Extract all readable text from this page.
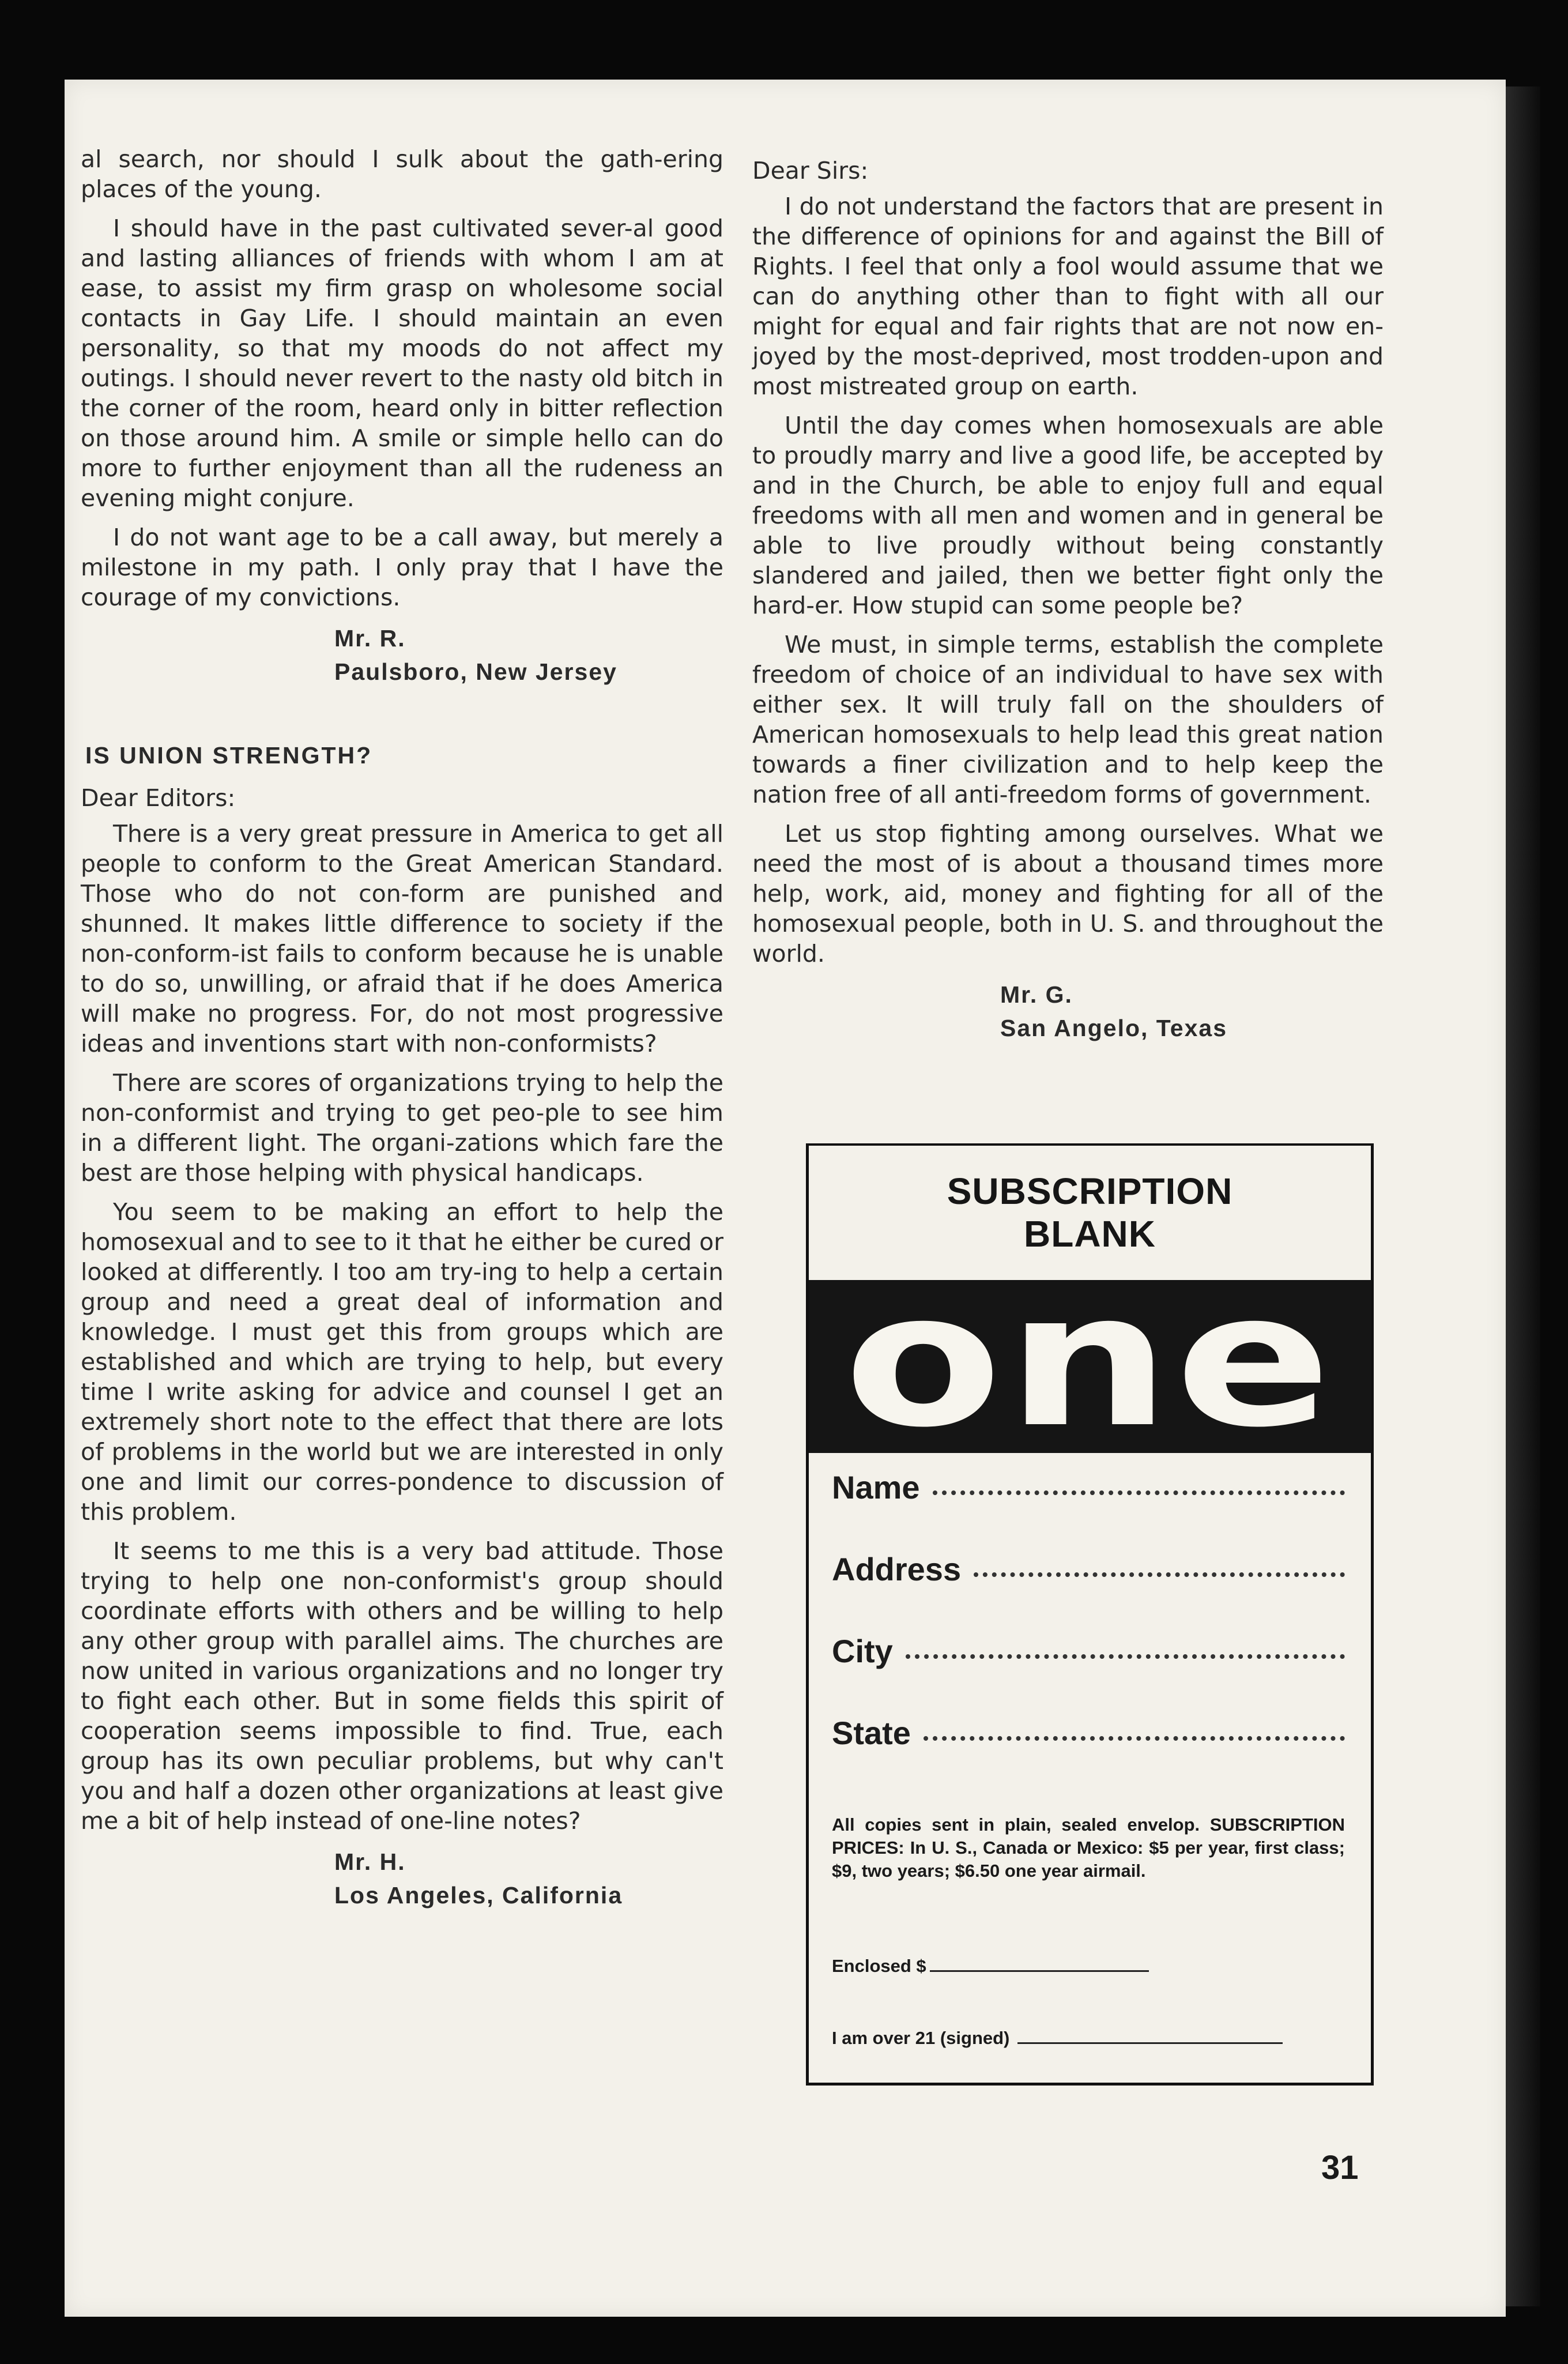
al search, nor should I sulk about the gath-ering places of the young.

I should have in the past cultivated sever-al good and lasting alliances of friends with whom I am at ease, to assist my firm grasp on wholesome social contacts in Gay Life. I should maintain an even personality, so that my moods do not affect my outings. I should never revert to the nasty old bitch in the corner of the room, heard only in bitter reflection on those around him. A smile or simple hello can do more to further enjoyment than all the rudeness an evening might conjure.

I do not want age to be a call away, but merely a milestone in my path. I only pray that I have the courage of my convictions.

Mr. R.
Paulsboro, New Jersey
IS UNION STRENGTH?
Dear Editors:

There is a very great pressure in America to get all people to conform to the Great American Standard. Those who do not con-form are punished and shunned. It makes little difference to society if the non-conform-ist fails to conform because he is unable to do so, unwilling, or afraid that if he does America will make no progress. For, do not most progressive ideas and inventions start with non-conformists?

There are scores of organizations trying to help the non-conformist and trying to get peo-ple to see him in a different light. The organi-zations which fare the best are those helping with physical handicaps.

You seem to be making an effort to help the homosexual and to see to it that he either be cured or looked at differently. I too am try-ing to help a certain group and need a great deal of information and knowledge. I must get this from groups which are established and which are trying to help, but every time I write asking for advice and counsel I get an extremely short note to the effect that there are lots of problems in the world but we are interested in only one and limit our corres-pondence to discussion of this problem.

It seems to me this is a very bad attitude. Those trying to help one non-conformist's group should coordinate efforts with others and be willing to help any other group with parallel aims. The churches are now united in various organizations and no longer try to fight each other. But in some fields this spirit of cooperation seems impossible to find. True, each group has its own peculiar problems, but why can't you and half a dozen other organizations at least give me a bit of help instead of one-line notes?

Mr. H.
Los Angeles, California
Dear Sirs:

I do not understand the factors that are present in the difference of opinions for and against the Bill of Rights. I feel that only a fool would assume that we can do anything other than to fight with all our might for equal and fair rights that are not now en-joyed by the most-deprived, most trodden-upon and most mistreated group on earth.

Until the day comes when homosexuals are able to proudly marry and live a good life, be accepted by and in the Church, be able to enjoy full and equal freedoms with all men and women and in general be able to live proudly without being constantly slandered and jailed, then we better fight only the hard-er. How stupid can some people be?

We must, in simple terms, establish the complete freedom of choice of an individual to have sex with either sex. It will truly fall on the shoulders of American homosexuals to help lead this great nation towards a finer civilization and to help keep the nation free of all anti-freedom forms of government.

Let us stop fighting among ourselves. What we need the most of is about a thousand times more help, work, aid, money and fighting for all of the homosexual people, both in U. S. and throughout the world.

Mr. G.
San Angelo, Texas
SUBSCRIPTION
BLANK
one
Name
Address
City
State
All copies sent in plain, sealed envelop. SUBSCRIPTION PRICES: In U. S., Canada or Mexico: $5 per year, first class; $9, two years; $6.50 one year airmail.
Enclosed $
I am over 21 (signed)
31
